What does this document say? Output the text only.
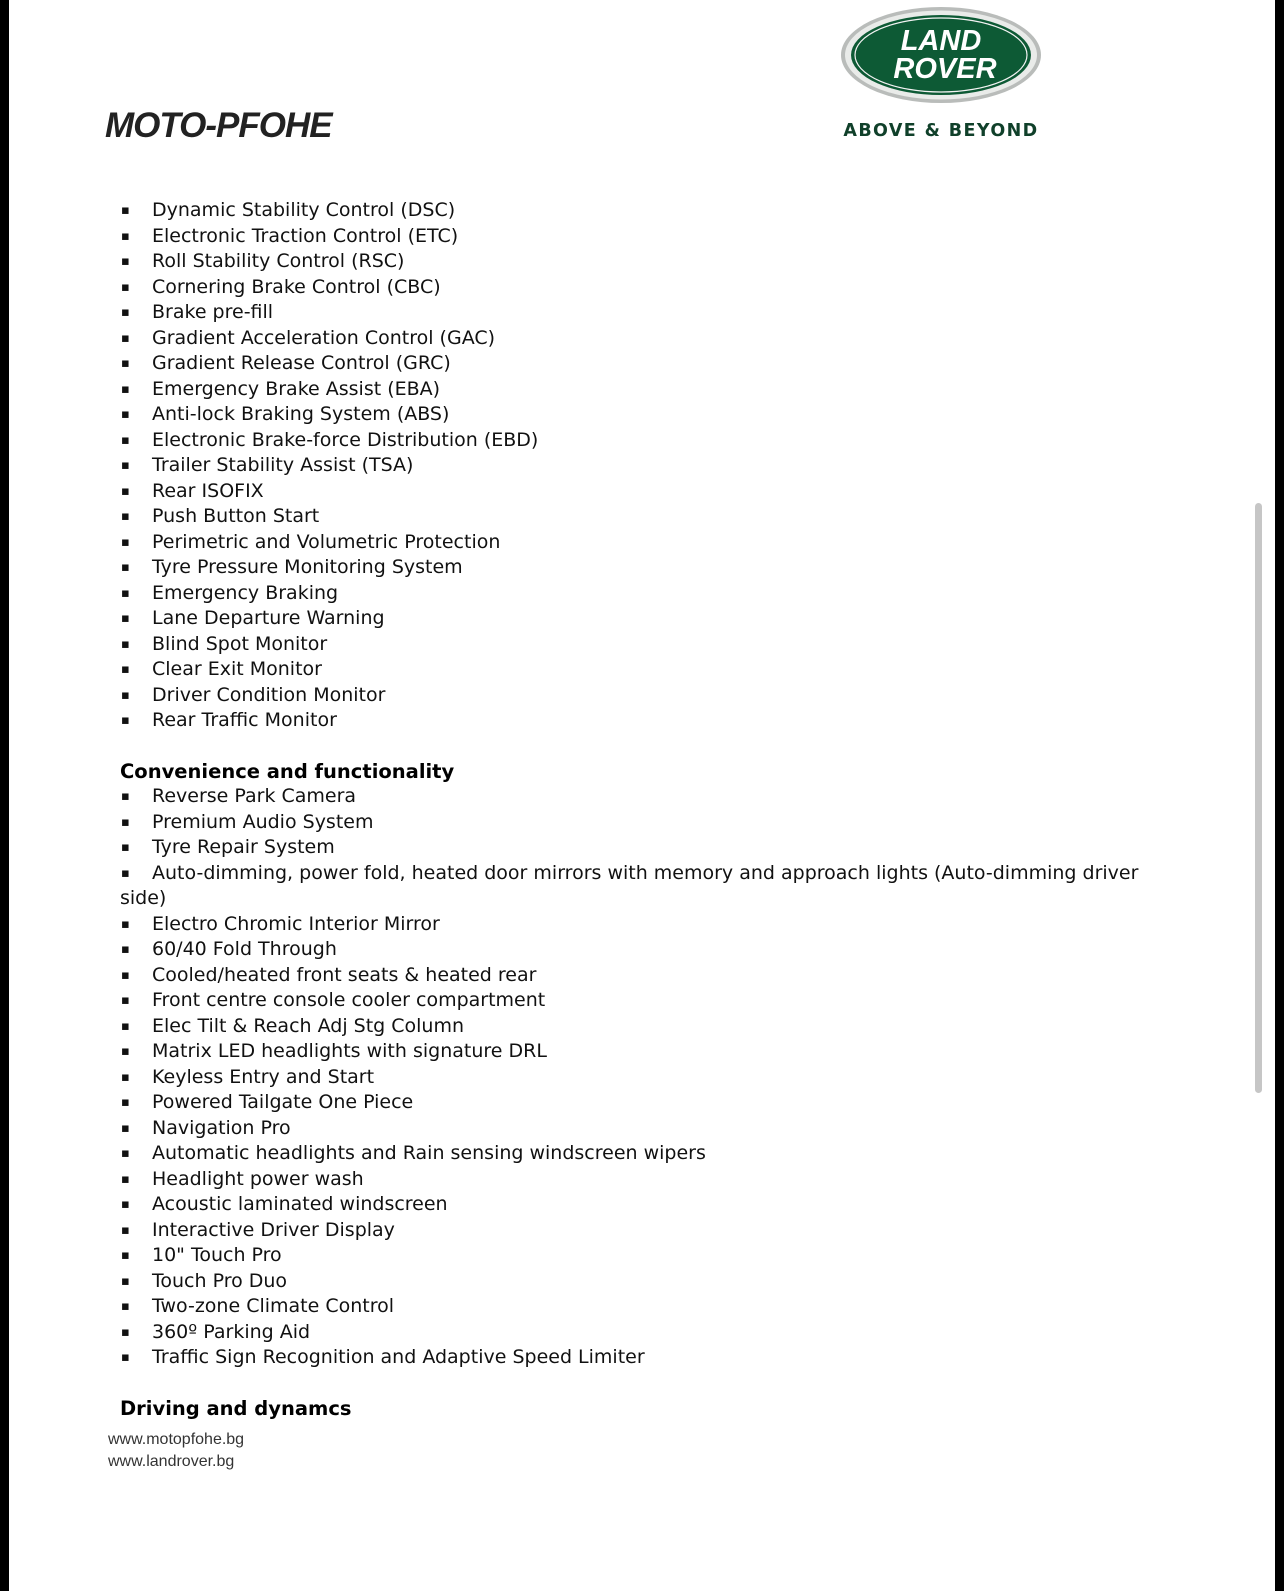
MOTO-PFOHE
LAND
ROVER
ABOVE & BEYOND
▪ Dynamic Stability Control (DSC)
▪ Electronic Traction Control (ETC)
▪ Roll Stability Control (RSC)
▪ Cornering Brake Control (CBC)
▪ Brake pre-fill
▪ Gradient Acceleration Control (GAC)
▪ Gradient Release Control (GRC)
▪ Emergency Brake Assist (EBA)
▪ Anti-lock Braking System (ABS)
▪ Electronic Brake-force Distribution (EBD)
▪ Trailer Stability Assist (TSA)
▪ Rear ISOFIX
▪ Push Button Start
▪ Perimetric and Volumetric Protection
▪ Tyre Pressure Monitoring System
▪ Emergency Braking
▪ Lane Departure Warning
▪ Blind Spot Monitor
▪ Clear Exit Monitor
▪ Driver Condition Monitor
▪ Rear Traffic Monitor
Convenience and functionality
▪ Reverse Park Camera
▪ Premium Audio System
▪ Tyre Repair System
▪ Auto-dimming, power fold, heated door mirrors with memory and approach lights (Auto-dimming driver side)
▪ Electro Chromic Interior Mirror
▪ 60/40 Fold Through
▪ Cooled/heated front seats & heated rear
▪ Front centre console cooler compartment
▪ Elec Tilt & Reach Adj Stg Column
▪ Matrix LED headlights with signature DRL
▪ Keyless Entry and Start
▪ Powered Tailgate One Piece
▪ Navigation Pro
▪ Automatic headlights and Rain sensing windscreen wipers
▪ Headlight power wash
▪ Acoustic laminated windscreen
▪ Interactive Driver Display
▪ 10" Touch Pro
▪ Touch Pro Duo
▪ Two-zone Climate Control
▪ 360º Parking Aid
▪ Traffic Sign Recognition and Adaptive Speed Limiter
Driving and dynamcs
www.motopfohe.bg
www.landrover.bg
